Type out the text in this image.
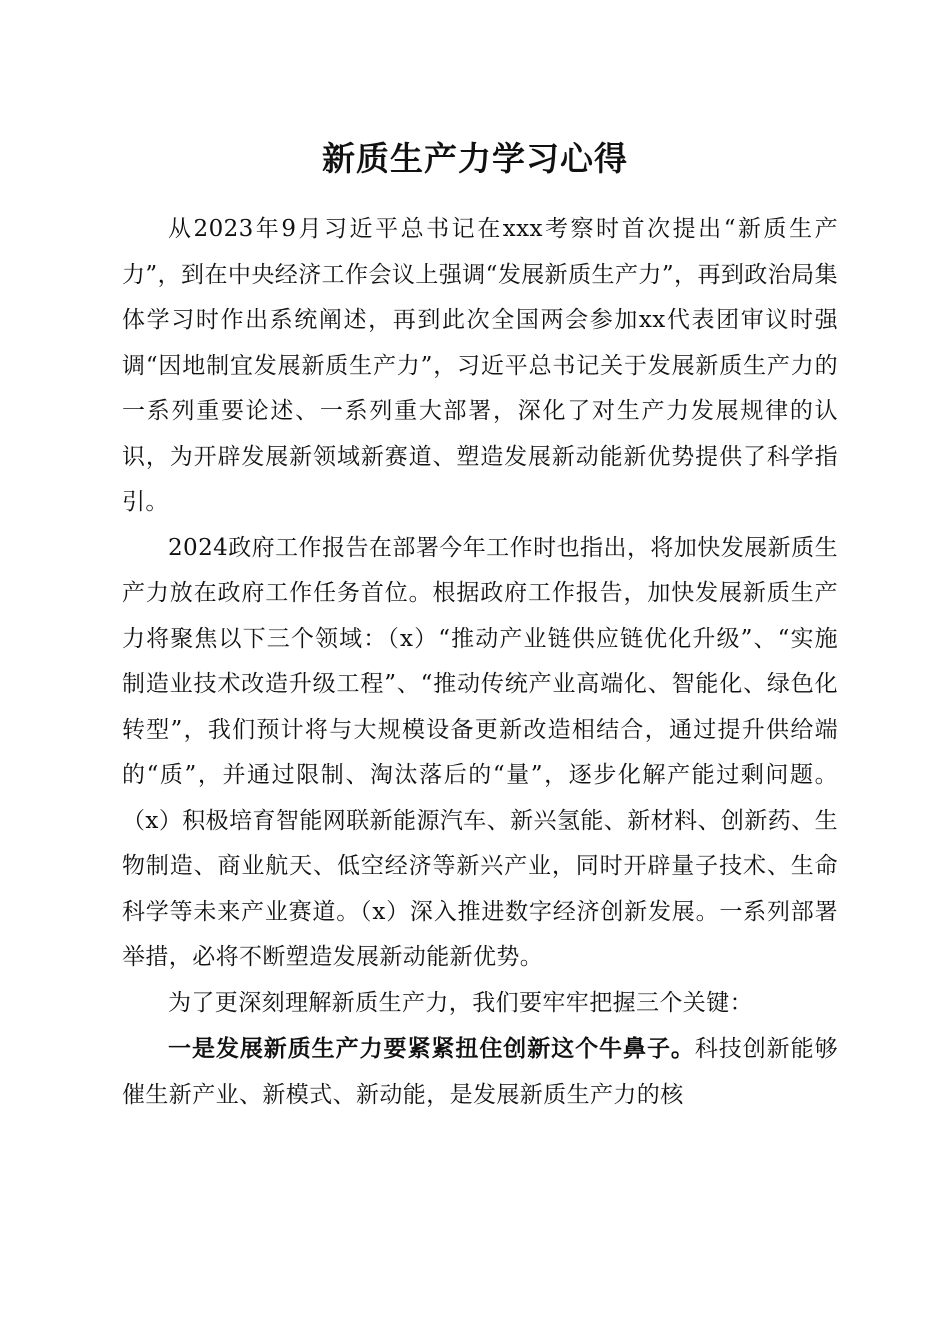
新质生产力学习心得

从2023年9月习近平总书记在xxx考察时首次提出“新质生产力”，到在中央经济工作会议上强调“发展新质生产力”，再到政治局集体学习时作出系统阐述，再到此次全国两会参加xx代表团审议时强调“因地制宜发展新质生产力”，习近平总书记关于发展新质生产力的一系列重要论述、一系列重大部署，深化了对生产力发展规律的认识，为开辟发展新领域新赛道、塑造发展新动能新优势提供了科学指引。

2024政府工作报告在部署今年工作时也指出，将加快发展新质生产力放在政府工作任务首位。根据政府工作报告，加快发展新质生产力将聚焦以下三个领域：（x）“推动产业链供应链优化升级”、“实施制造业技术改造升级工程”、“推动传统产业高端化、智能化、绿色化转型”，我们预计将与大规模设备更新改造相结合，通过提升供给端的“质”，并通过限制、淘汰落后的“量”，逐步化解产能过剩问题。（x）积极培育智能网联新能源汽车、新兴氢能、新材料、创新药、生物制造、商业航天、低空经济等新兴产业，同时开辟量子技术、生命科学等未来产业赛道。（x）深入推进数字经济创新发展。一系列部署举措，必将不断塑造发展新动能新优势。

为了更深刻理解新质生产力，我们要牢牢把握三个关键：

一是发展新质生产力要紧紧扭住创新这个牛鼻子。科技创新能够催生新产业、新模式、新动能，是发展新质生产力的核
